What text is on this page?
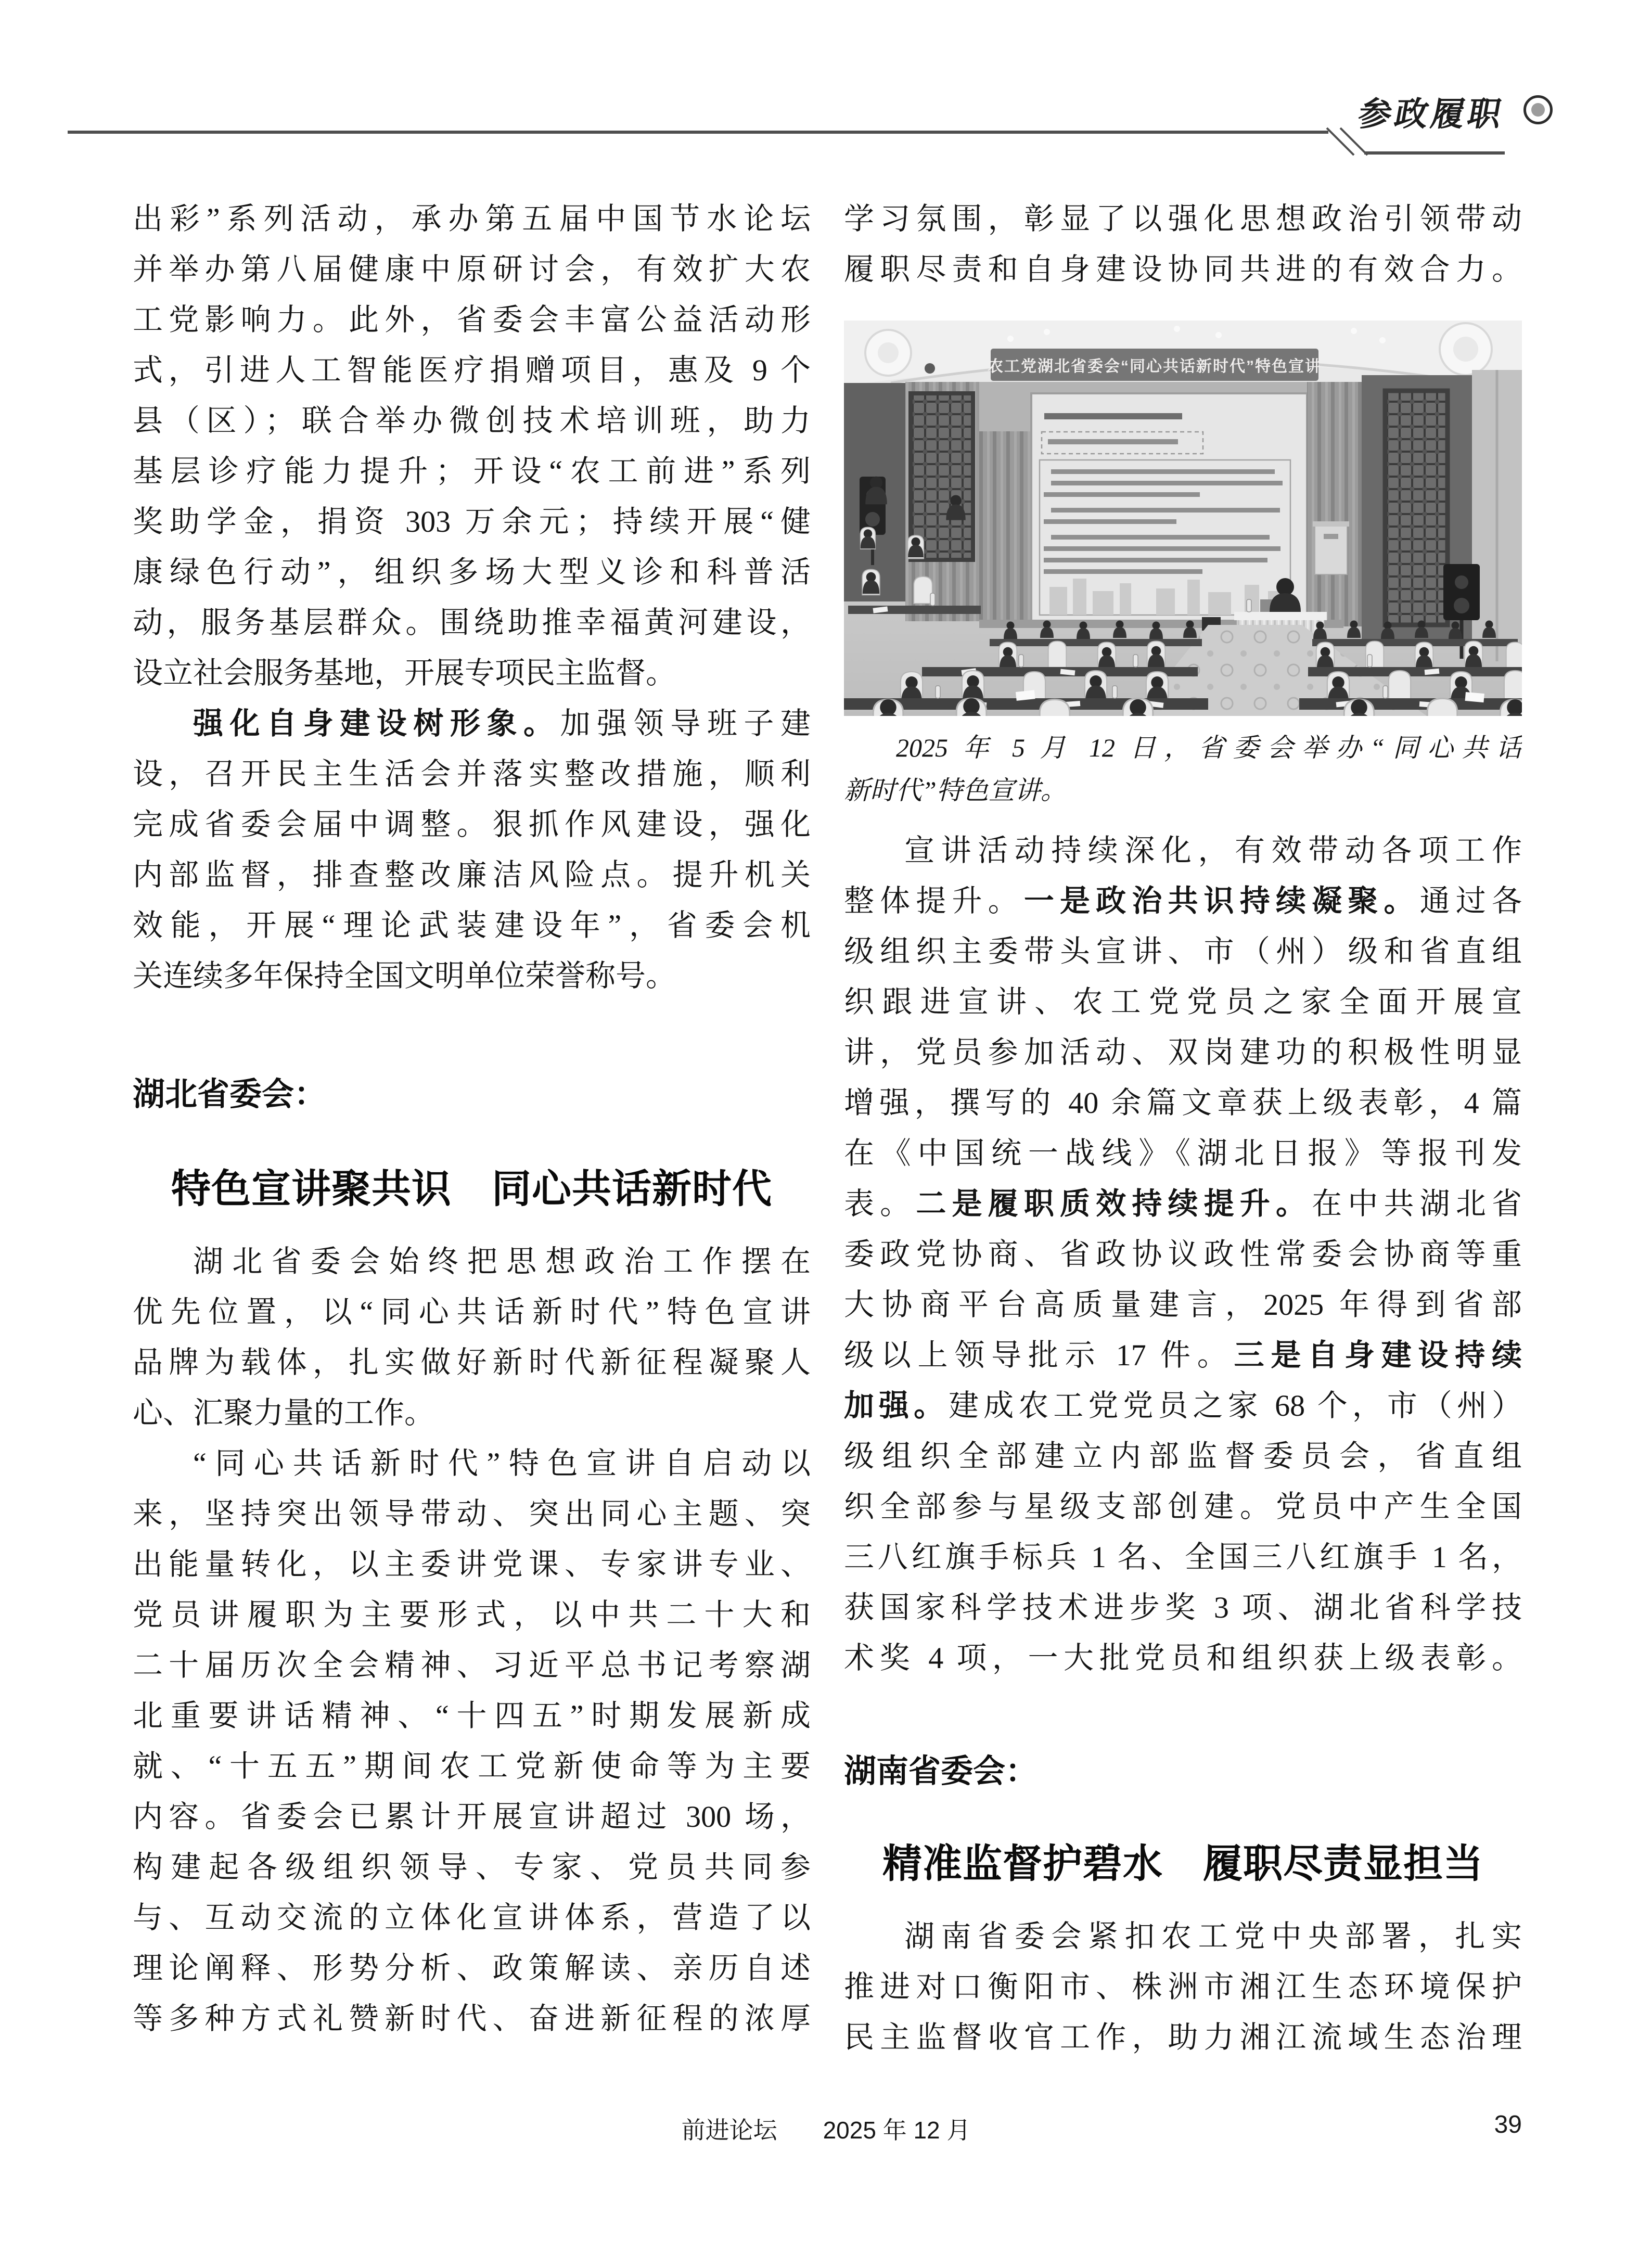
参政履职
出彩”系列活动，承办第五届中国节水论坛
并举办第八届健康中原研讨会，有效扩大农
工党影响力。此外，省委会丰富公益活动形
式，引进人工智能医疗捐赠项目，惠及 9 个
县（区）；联合举办微创技术培训班，助力
基层诊疗能力提升；开设“农工前进”系列
奖助学金，捐资 303 万余元；持续开展“健
康绿色行动”，组织多场大型义诊和科普活
动，服务基层群众。围绕助推幸福黄河建设，
设立社会服务基地，开展专项民主监督。
强化自身建设树形象。加强领导班子建
设，召开民主生活会并落实整改措施，顺利
完成省委会届中调整。狠抓作风建设，强化
内部监督，排查整改廉洁风险点。提升机关
效能，开展“理论武装建设年”，省委会机
关连续多年保持全国文明单位荣誉称号。
湖北省委会：
特色宣讲聚共识　同心共话新时代
湖北省委会始终把思想政治工作摆在
优先位置，以“同心共话新时代”特色宣讲
品牌为载体，扎实做好新时代新征程凝聚人
心、汇聚力量的工作。
“同心共话新时代”特色宣讲自启动以
来，坚持突出领导带动、突出同心主题、突
出能量转化，以主委讲党课、专家讲专业、
党员讲履职为主要形式，以中共二十大和
二十届历次全会精神、习近平总书记考察湖
北重要讲话精神、“十四五”时期发展新成
就、“十五五”期间农工党新使命等为主要
内容。省委会已累计开展宣讲超过 300 场，
构建起各级组织领导、专家、党员共同参
与、互动交流的立体化宣讲体系，营造了以
理论阐释、形势分析、政策解读、亲历自述
等多种方式礼赞新时代、奋进新征程的浓厚
学习氛围，彰显了以强化思想政治引领带动
履职尽责和自身建设协同共进的有效合力。
农工党湖北省委会“同心共话新时代”特色宣讲
2025 年 5 月 12 日，省委会举办“同心共话
新时代”特色宣讲。
宣讲活动持续深化，有效带动各项工作
整体提升。一是政治共识持续凝聚。通过各
级组织主委带头宣讲、市（州）级和省直组
织跟进宣讲、农工党党员之家全面开展宣
讲，党员参加活动、双岗建功的积极性明显
增强，撰写的 40 余篇文章获上级表彰，4 篇
在《中国统一战线》《湖北日报》等报刊发
表。二是履职质效持续提升。在中共湖北省
委政党协商、省政协议政性常委会协商等重
大协商平台高质量建言，2025 年得到省部
级以上领导批示 17 件。三是自身建设持续
加强。建成农工党党员之家 68 个，市（州）
级组织全部建立内部监督委员会，省直组
织全部参与星级支部创建。党员中产生全国
三八红旗手标兵 1 名、全国三八红旗手 1 名，
获国家科学技术进步奖 3 项、湖北省科学技
术奖 4 项，一大批党员和组织获上级表彰。
湖南省委会：
精准监督护碧水　履职尽责显担当
湖南省委会紧扣农工党中央部署，扎实
推进对口衡阳市、株洲市湘江生态环境保护
民主监督收官工作，助力湘江流域生态治理
前进论坛 2025 年 12 月	39
